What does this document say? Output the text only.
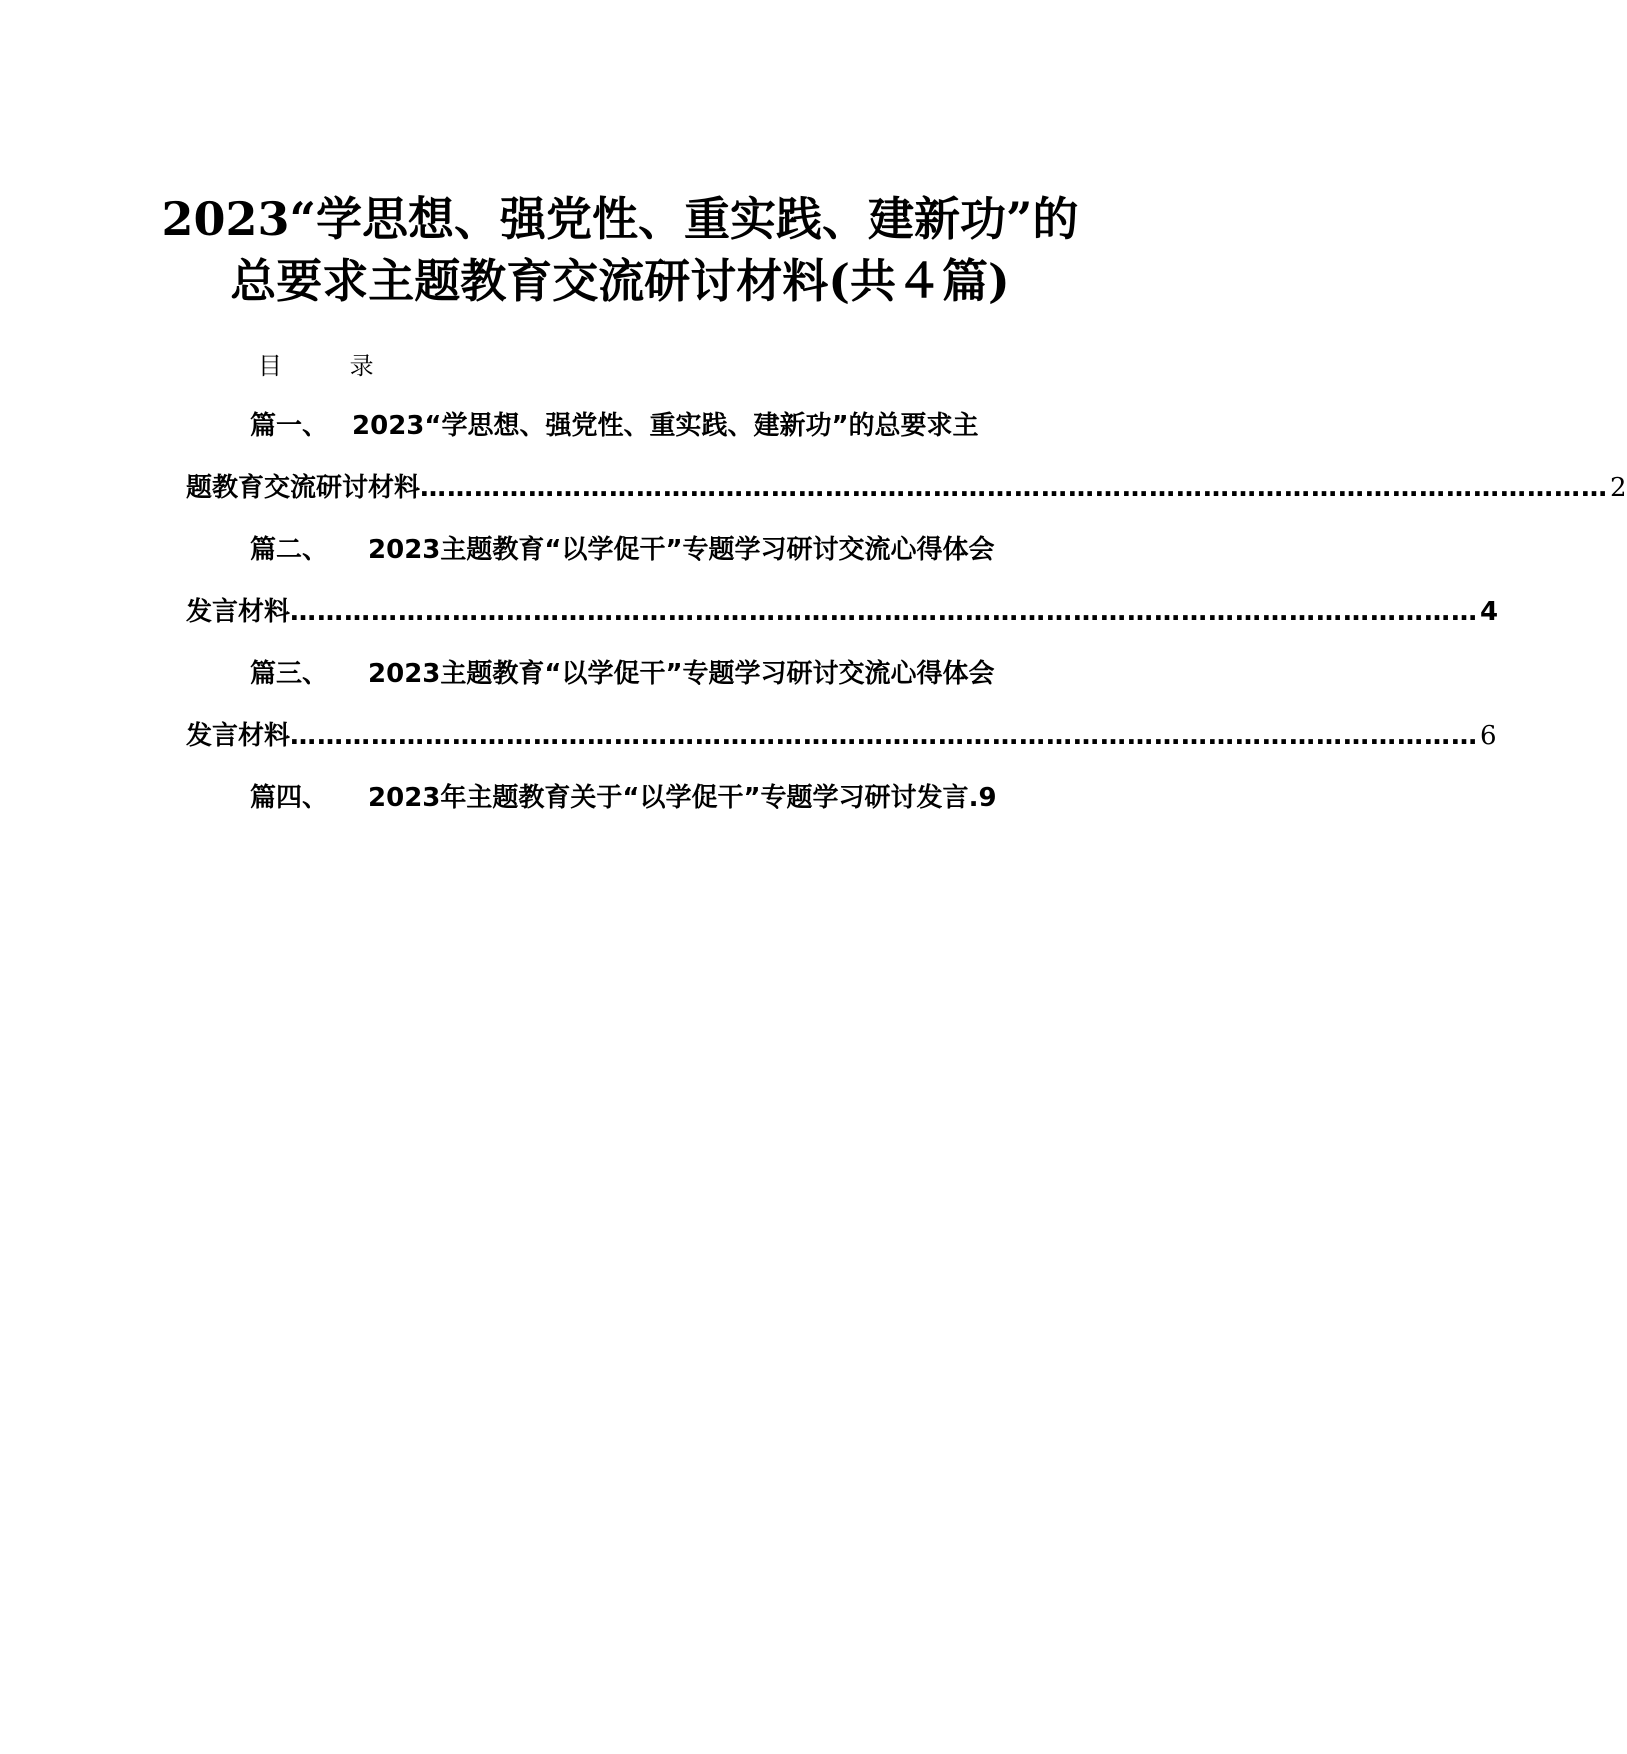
2023“学思想、强党性、重实践、建新功”的
总要求主题教育交流研讨材料(共４篇)
目 录
篇一、 2023“学思想、强党性、重实践、建新功”的总要求主
题教育交流研讨材料 …………………………………………………………………………………………………………………… 2
篇二、 2023主题教育“以学促干”专题学习研讨交流心得体会
发言材料 …………………………………………………………………………………………………………………… 4
篇三、 2023主题教育“以学促干”专题学习研讨交流心得体会
发言材料 …………………………………………………………………………………………………………………… 6
篇四、 2023年主题教育关于“以学促干”专题学习研讨发言.9
